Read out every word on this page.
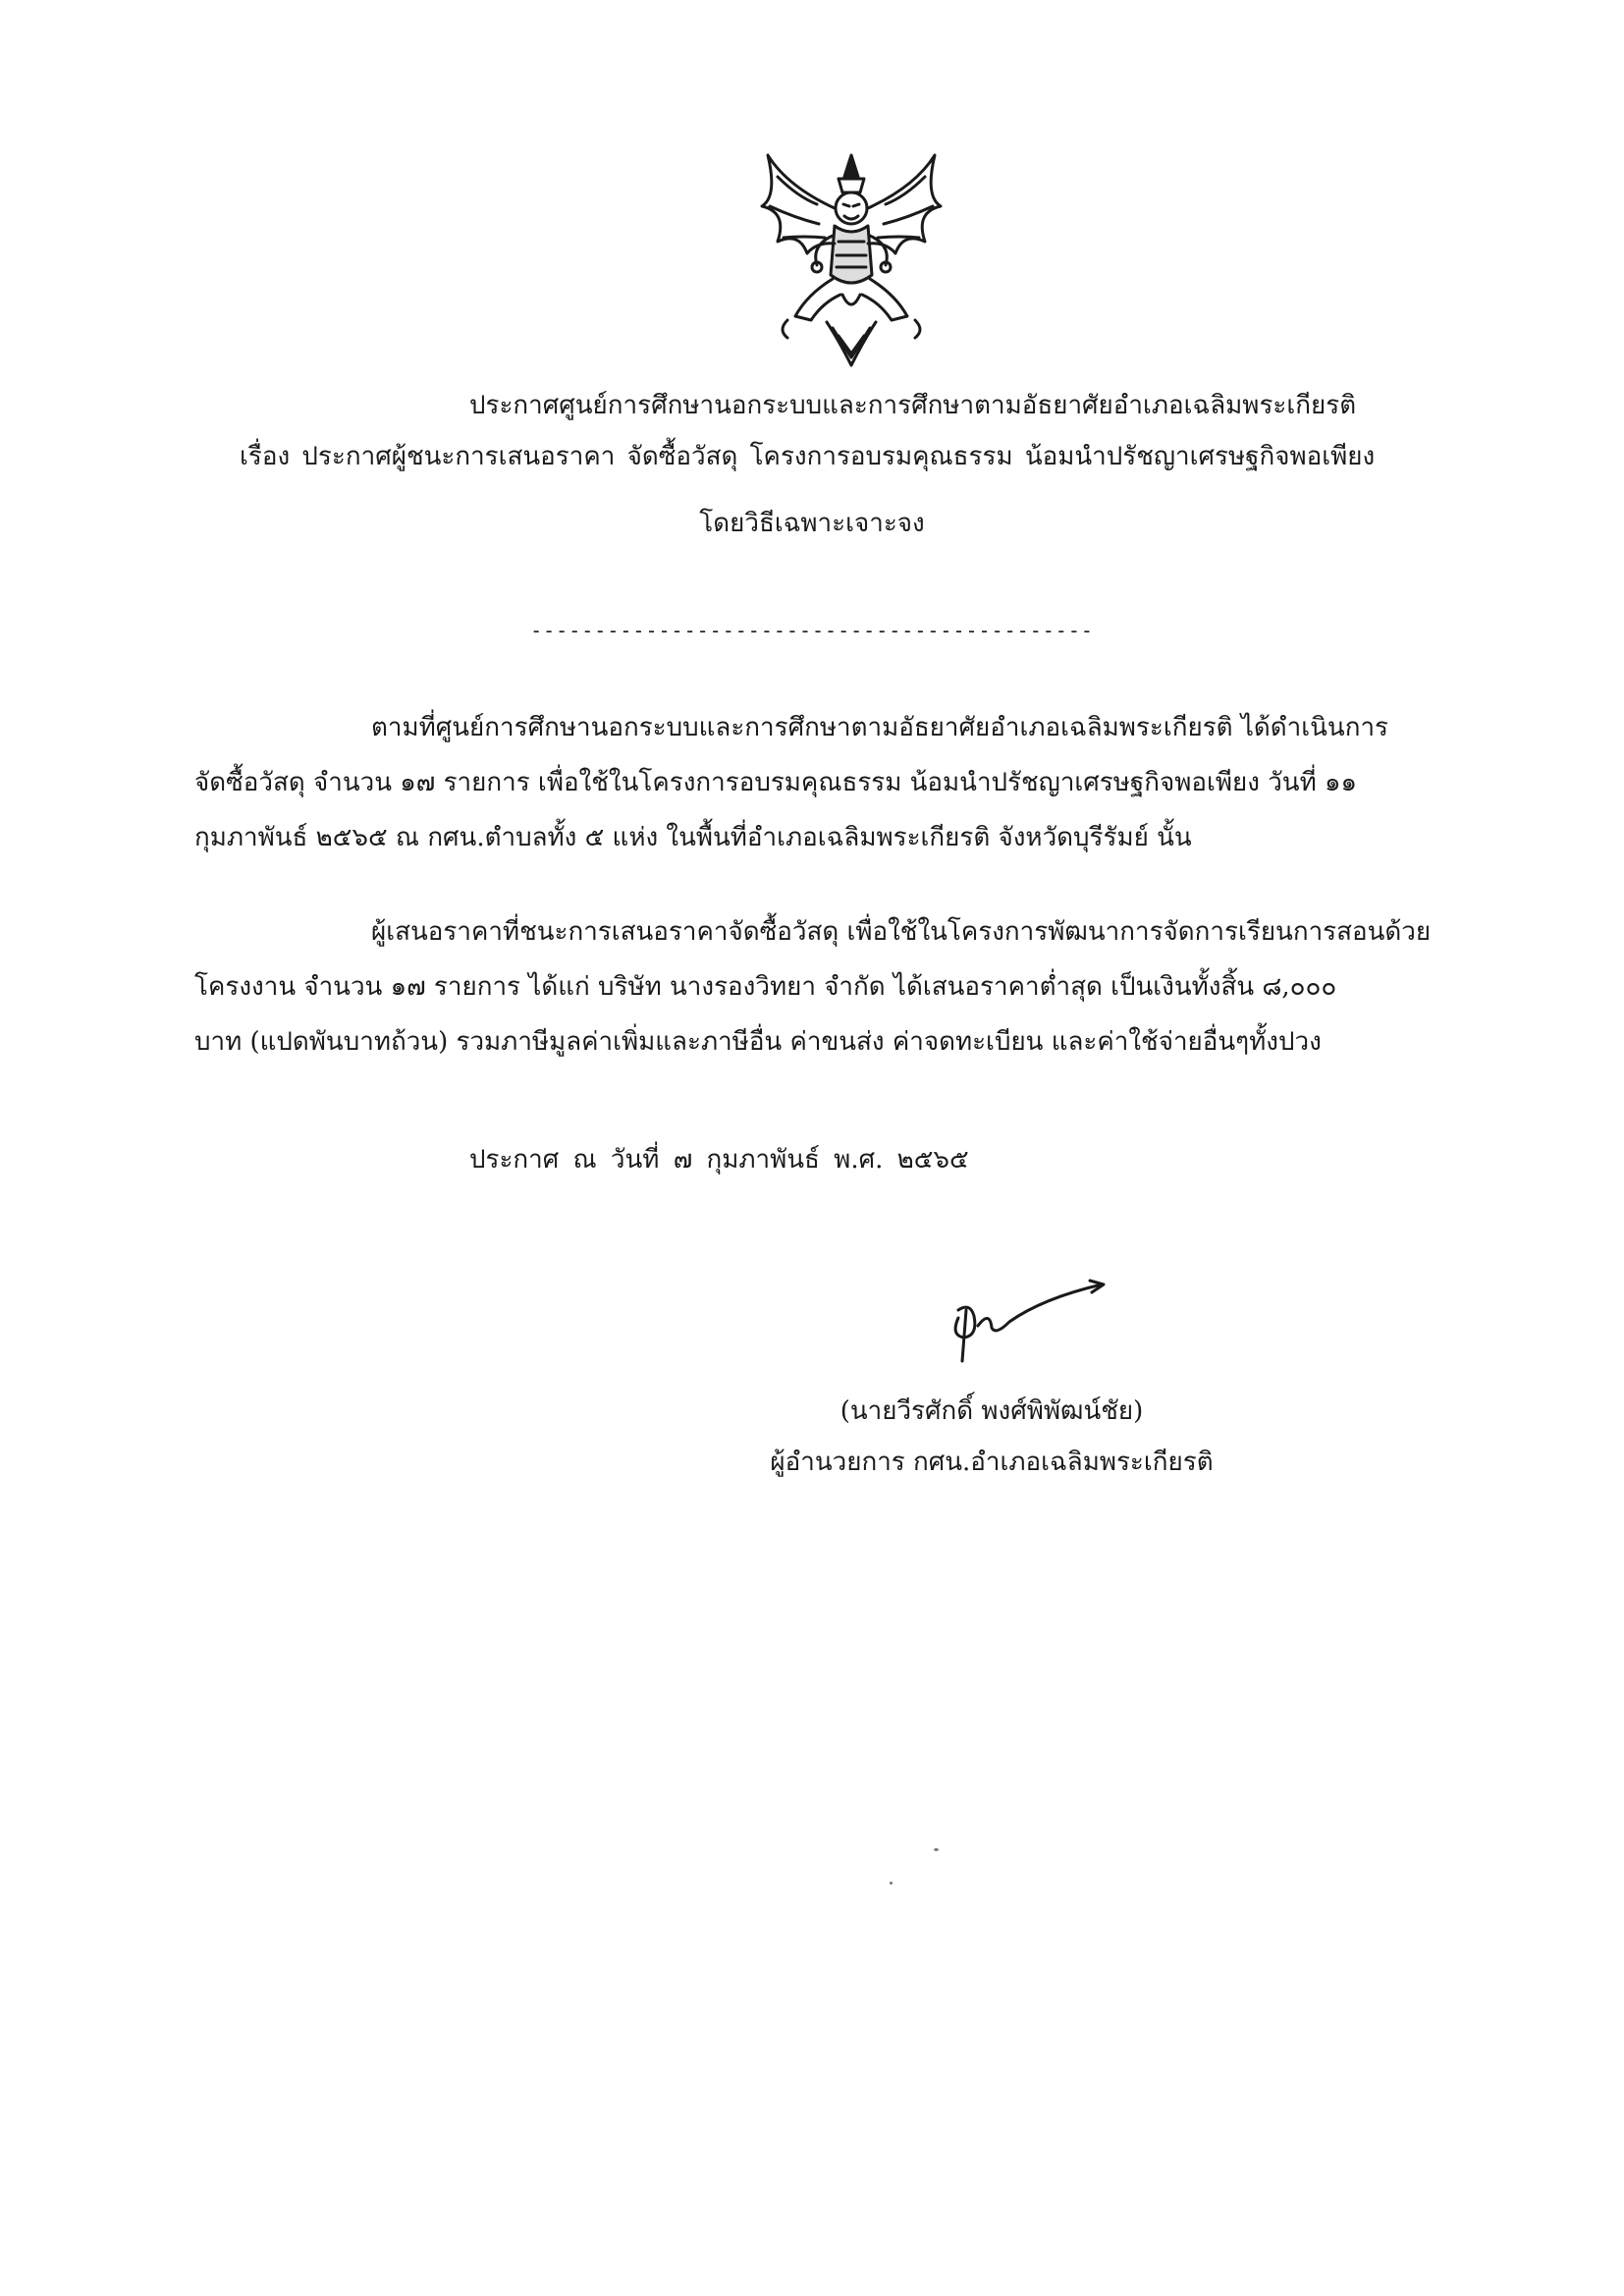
ประกาศศูนย์การศึกษานอกระบบและการศึกษาตามอัธยาศัยอำเภอเฉลิมพระเกียรติ
เรื่อง ประกาศผู้ชนะการเสนอราคา จัดซื้อวัสดุ โครงการอบรมคุณธรรม น้อมนำปรัชญาเศรษฐกิจพอเพียง
โดยวิธีเฉพาะเจาะจง
--------------------------------------------
ตามที่ศูนย์การศึกษานอกระบบและการศึกษาตามอัธยาศัยอำเภอเฉลิมพระเกียรติ ได้ดำเนินการ
จัดซื้อวัสดุ จำนวน ๑๗ รายการ เพื่อใช้ในโครงการอบรมคุณธรรม น้อมนำปรัชญาเศรษฐกิจพอเพียง วันที่ ๑๑
กุมภาพันธ์ ๒๕๖๕ ณ กศน.ตำบลทั้ง ๕ แห่ง ในพื้นที่อำเภอเฉลิมพระเกียรติ จังหวัดบุรีรัมย์ นั้น
ผู้เสนอราคาที่ชนะการเสนอราคาจัดซื้อวัสดุ เพื่อใช้ในโครงการพัฒนาการจัดการเรียนการสอนด้วย
โครงงาน จำนวน ๑๗ รายการ ได้แก่ บริษัท นางรองวิทยา จำกัด ได้เสนอราคาต่ำสุด เป็นเงินทั้งสิ้น ๘,๐๐๐
บาท (แปดพันบาทถ้วน) รวมภาษีมูลค่าเพิ่มและภาษีอื่น ค่าขนส่ง ค่าจดทะเบียน และค่าใช้จ่ายอื่นๆทั้งปวง
ประกาศ ณ วันที่ ๗ กุมภาพันธ์ พ.ศ. ๒๕๖๕
(นายวีรศักดิ์ พงศ์พิพัฒน์ชัย)
ผู้อำนวยการ กศน.อำเภอเฉลิมพระเกียรติ
